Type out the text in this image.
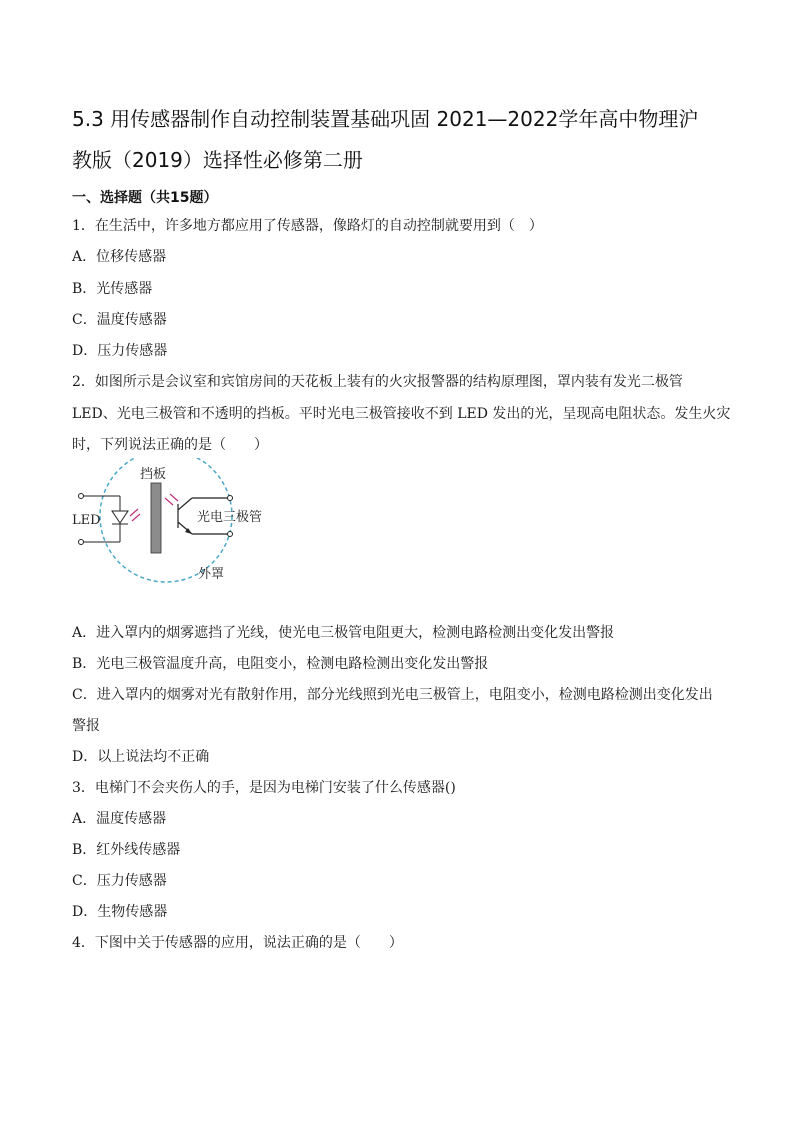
5.3 用传感器制作自动控制装置基础巩固 2021—2022学年高中物理沪
教版（2019）选择性必修第二册
一、选择题（共15题）
1．在生活中，许多地方都应用了传感器，像路灯的自动控制就要用到（　）
A．位移传感器
B．光传感器
C．温度传感器
D．压力传感器
2．如图所示是会议室和宾馆房间的天花板上装有的火灾报警器的结构原理图，罩内装有发光二极管
LED、光电三极管和不透明的挡板。平时光电三极管接收不到 LED 发出的光，呈现高电阻状态。发生火灾
时，下列说法正确的是（　　）
挡板
LED	光电三极管
外罩
A．进入罩内的烟雾遮挡了光线，使光电三极管电阻更大，检测电路检测出变化发出警报
B．光电三极管温度升高，电阻变小，检测电路检测出变化发出警报
C．进入罩内的烟雾对光有散射作用，部分光线照到光电三极管上，电阻变小，检测电路检测出变化发出
警报
D．以上说法均不正确
3．电梯门不会夹伤人的手，是因为电梯门安装了什么传感器()
A．温度传感器
B．红外线传感器
C．压力传感器
D．生物传感器
4．下图中关于传感器的应用，说法正确的是（　　）
